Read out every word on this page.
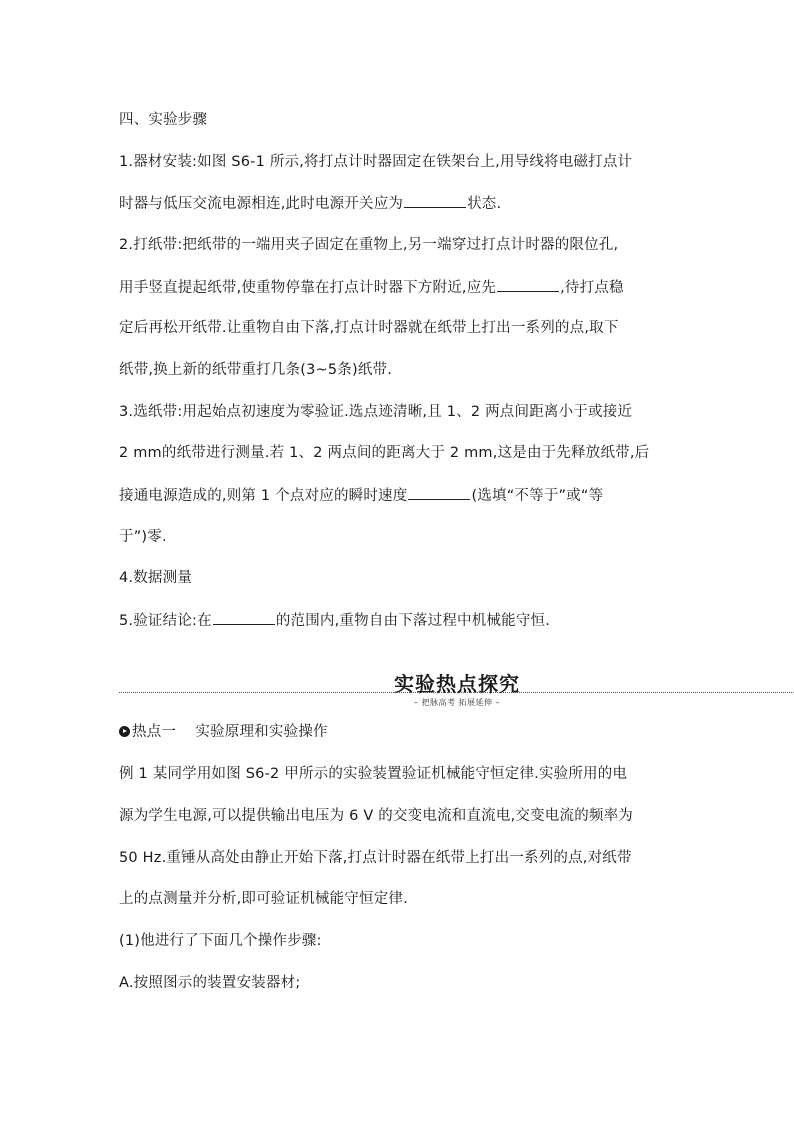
四、实验步骤
1.器材安装:如图 S6-1 所示,将打点计时器固定在铁架台上,用导线将电磁打点计
时器与低压交流电源相连,此时电源开关应为	状态.
2.打纸带:把纸带的一端用夹子固定在重物上,另一端穿过打点计时器的限位孔,
用手竖直提起纸带,使重物停靠在打点计时器下方附近,应先	,待打点稳
定后再松开纸带.让重物自由下落,打点计时器就在纸带上打出一系列的点,取下
纸带,换上新的纸带重打几条(3~5条)纸带.
3.选纸带:用起始点初速度为零验证.选点迹清晰,且 1、2 两点间距离小于或接近
2 mm的纸带进行测量.若 1、2 两点间的距离大于 2 mm,这是由于先释放纸带,后
接通电源造成的,则第 1 个点对应的瞬时速度	(选填“不等于”或“等
于”)零.
4.数据测量
5.验证结论:在	的范围内,重物自由下落过程中机械能守恒.
实验热点探究
– 把脉高考 拓展延伸 –
热点一 实验原理和实验操作
例 1 某同学用如图 S6-2 甲所示的实验装置验证机械能守恒定律.实验所用的电
源为学生电源,可以提供输出电压为 6 V 的交变电流和直流电,交变电流的频率为
50 Hz.重锤从高处由静止开始下落,打点计时器在纸带上打出一系列的点,对纸带
上的点测量并分析,即可验证机械能守恒定律.
(1)他进行了下面几个操作步骤:
A.按照图示的装置安装器材;
